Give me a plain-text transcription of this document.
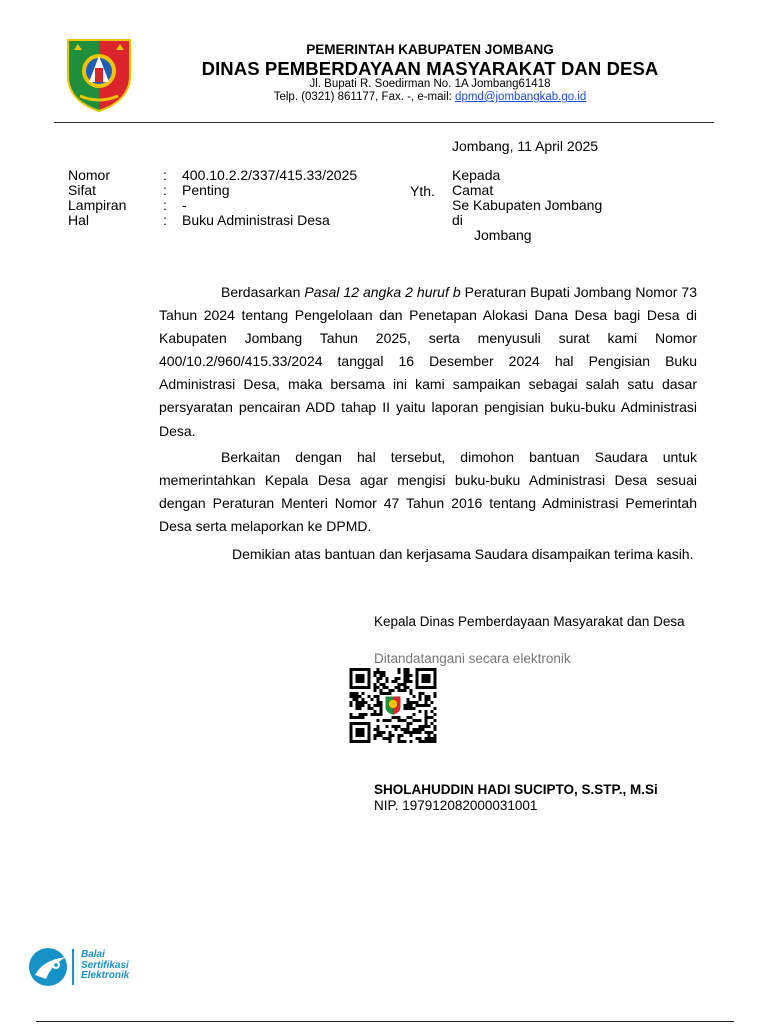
PEMERINTAH KABUPATEN JOMBANG
DINAS PEMBERDAYAAN MASYARAKAT DAN DESA
Jl. Bupati R. Soedirman No. 1A Jombang61418
Telp. (0321) 861177, Fax. -, e-mail: dpmd@jombangkab.go.id
Jombang, 11 April 2025
Nomor
Sifat
Lampiran
Hal
:
:
:
:
400.10.2.2/337/415.33/2025
Penting
-
Buku Administrasi Desa
Yth.
Kepada
Camat
Se Kabupaten Jombang
di
Jombang
Berdasarkan Pasal 12 angka 2 huruf b Peraturan Bupati Jombang Nomor 73 Tahun 2024 tentang Pengelolaan dan Penetapan Alokasi Dana Desa bagi Desa di Kabupaten Jombang Tahun 2025, serta menyusuli surat kami Nomor 400/10.2/960/415.33/2024 tanggal 16 Desember 2024 hal Pengisian Buku Administrasi Desa, maka bersama ini kami sampaikan sebagai salah satu dasar persyaratan pencairan ADD tahap II yaitu laporan pengisian buku-buku Administrasi Desa.
Berkaitan dengan hal tersebut, dimohon bantuan Saudara untuk memerintahkan Kepala Desa agar mengisi buku-buku Administrasi Desa sesuai dengan Peraturan Menteri Nomor 47 Tahun 2016 tentang Administrasi Pemerintah Desa serta melaporkan ke DPMD.
Demikian atas bantuan dan kerjasama Saudara disampaikan terima kasih.
Kepala Dinas Pemberdayaan Masyarakat dan Desa
Ditandatangani secara elektronik
SHOLAHUDDIN HADI SUCIPTO, S.STP., M.Si
NIP. 197912082000031001
Balai
Sertifikasi
Elektronik
